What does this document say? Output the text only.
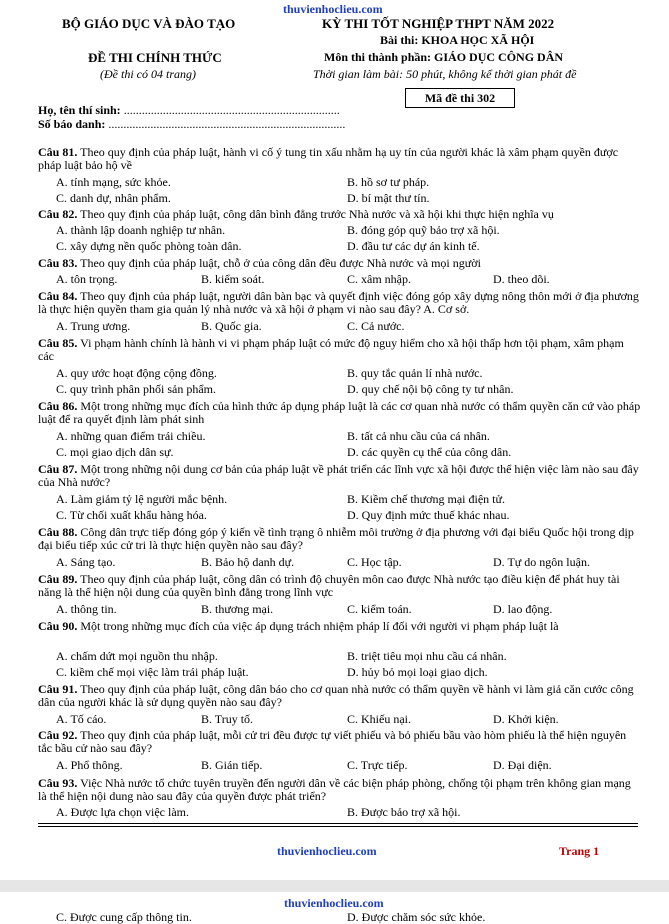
thuvienhoclieu.com
BỘ GIÁO DỤC VÀ ĐÀO TẠO
ĐỀ THI CHÍNH THỨC
(Đề thi có 04 trang)
KỲ THI TỐT NGHIỆP THPT NĂM 2022
Bài thi: KHOA HỌC XÃ HỘI
Môn thi thành phần: GIÁO DỤC CÔNG DÂN
Thời gian làm bài: 50 phút, không kể thời gian phát đề
Mã đề thi 302
Họ, tên thí sinh: ........................................................................
Số báo danh: ...............................................................................
Câu 81. Theo quy định của pháp luật, hành vi cố ý tung tin xấu nhằm hạ uy tín của người khác là xâm phạm quyền được pháp luật bảo hộ về
A. tính mạng, sức khỏe.	B. hồ sơ tư pháp.
C. danh dự, nhân phẩm.	D. bí mật thư tín.
Câu 82. Theo quy định của pháp luật, công dân bình đẳng trước Nhà nước và xã hội khi thực hiện nghĩa vụ
A. thành lập doanh nghiệp tư nhân.	B. đóng góp quỹ bảo trợ xã hội.
C. xây dựng nền quốc phòng toàn dân.	D. đầu tư các dự án kinh tế.
Câu 83. Theo quy định của pháp luật, chỗ ở của công dân đều được Nhà nước và mọi người
A. tôn trọng.	B. kiểm soát.	C. xâm nhập.	D. theo dõi.
Câu 84. Theo quy định của pháp luật, người dân bàn bạc và quyết định việc đóng góp xây dựng nông thôn mới ở địa phương là thực hiện quyền tham gia quản lý nhà nước và xã hội ở phạm vi nào sau đây? A. Cơ sở.
A. Trung ương.	B. Quốc gia.	C. Cả nước.
Câu 85. Vi phạm hành chính là hành vi vi phạm pháp luật có mức độ nguy hiểm cho xã hội thấp hơn tội phạm, xâm phạm các
A. quy ước hoạt động cộng đồng.	B. quy tắc quản lí nhà nước.
C. quy trình phân phối sản phẩm.	D. quy chế nội bộ công ty tư nhân.
Câu 86. Một trong những mục đích của hình thức áp dụng pháp luật là các cơ quan nhà nước có thẩm quyền căn cứ vào pháp luật để ra quyết định làm phát sinh
A. những quan điểm trái chiều.	B. tất cả nhu cầu của cá nhân.
C. mọi giao dịch dân sự.	D. các quyền cụ thể của công dân.
Câu 87. Một trong những nội dung cơ bản của pháp luật về phát triển các lĩnh vực xã hội được thể hiện việc làm nào sau đây của Nhà nước?
A. Làm giảm tỷ lệ người mắc bệnh.	B. Kiềm chế thương mại điện tử.
C. Từ chối xuất khẩu hàng hóa.	D. Quy định mức thuế khác nhau.
Câu 88. Công dân trực tiếp đóng góp ý kiến về tình trạng ô nhiễm môi trường ở địa phương với đại biểu Quốc hội trong dịp đại biểu tiếp xúc cử tri là thực hiện quyền nào sau đây?
A. Sáng tạo.	B. Bảo hộ danh dự.	C. Học tập.	D. Tự do ngôn luận.
Câu 89. Theo quy định của pháp luật, công dân có trình độ chuyên môn cao được Nhà nước tạo điều kiện để phát huy tài năng là thể hiện nội dung của quyền bình đẳng trong lĩnh vực
A. thông tin.	B. thương mại.	C. kiểm toán.	D. lao động.
Câu 90. Một trong những mục đích của việc áp dụng trách nhiệm pháp lí đối với người vi phạm pháp luật là
A. chấm dứt mọi nguồn thu nhập.	B. triệt tiêu mọi nhu cầu cá nhân.
C. kiềm chế mọi việc làm trái pháp luật.	D. hủy bỏ mọi loại giao dịch.
Câu 91. Theo quy định của pháp luật, công dân báo cho cơ quan nhà nước có thẩm quyền về hành vi làm giả căn cước công dân của người khác là sử dụng quyền nào sau đây?
A. Tố cáo.	B. Truy tố.	C. Khiếu nại.	D. Khởi kiện.
Câu 92. Theo quy định của pháp luật, mỗi cử tri đều được tự viết phiếu và bỏ phiếu bầu vào hòm phiếu là thể hiện nguyên tắc bầu cử nào sau đây?
A. Phổ thông.	B. Gián tiếp.	C. Trực tiếp.	D. Đại diện.
Câu 93. Việc Nhà nước tổ chức tuyên truyền đến người dân về các biện pháp phòng, chống tội phạm trên không gian mạng là thể hiện nội dung nào sau đây của quyền được phát triển?
A. Được lựa chọn việc làm.	B. Được bảo trợ xã hội.
thuvienhoclieu.com	Trang 1
thuvienhoclieu.com
C. Được cung cấp thông tin.	D. Được chăm sóc sức khỏe.
